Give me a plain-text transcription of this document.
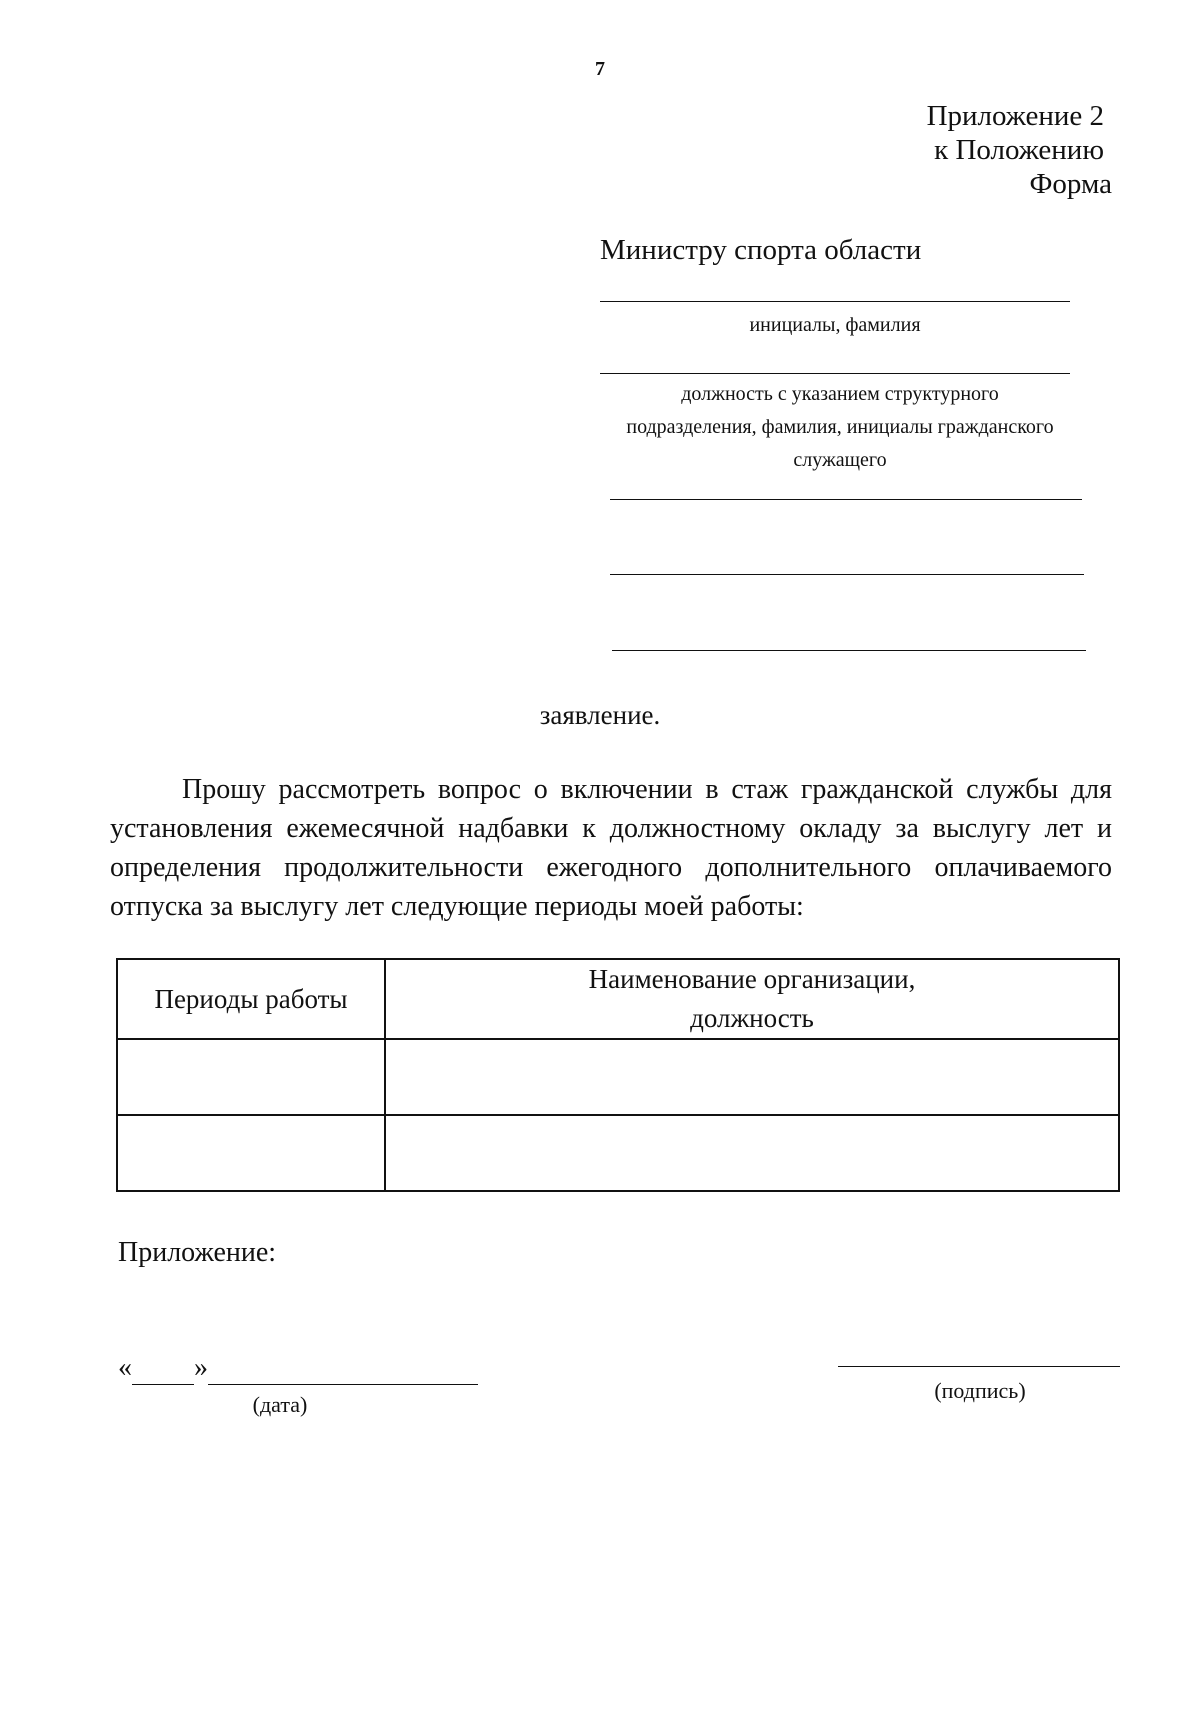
7
Приложение 2
к Положению
Форма
Министру спорта области
инициалы, фамилия
должность с указанием структурного
подразделения, фамилия, инициалы гражданского
служащего
заявление.

Прошу рассмотреть вопрос о включении в стаж гражданской службы для установления ежемесячной надбавки к должностному окладу за выслугу лет и определения продолжительности ежегодного дополнительного оплачиваемого отпуска за выслугу лет следующие периоды моей работы:

Периоды работы	Наименование организации,
должность

Приложение:
« »
(дата)
(подпись)
